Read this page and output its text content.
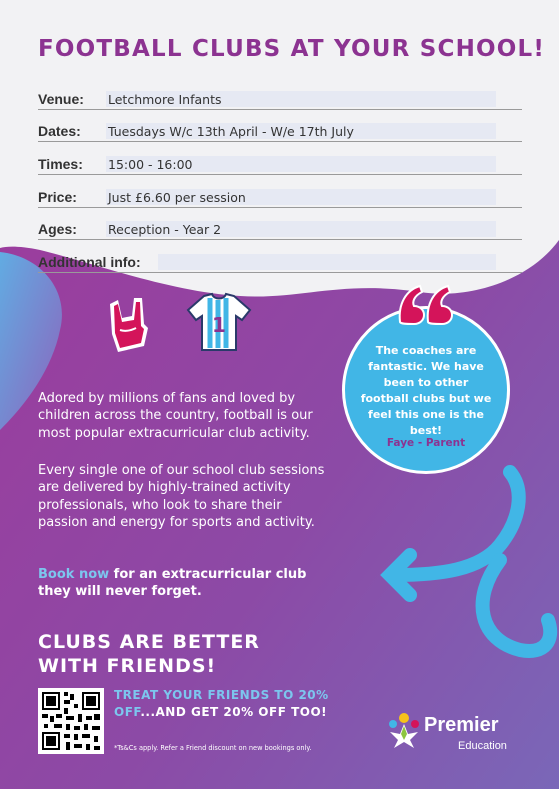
FOOTBALL CLUBS AT YOUR SCHOOL!
Venue: Letchmore Infants
Dates: Tuesdays W/c 13th April - W/e 17th July
Times: 15:00 - 16:00
Price: Just £6.60 per session
Ages: Reception - Year 2
Additional info:
1
Adored by millions of fans and loved by children across the country, football is our most popular extracurricular club activity.
Every single one of our school club sessions are delivered by highly-trained activity professionals, who look to share their passion and energy for sports and activity.
Book now for an extracurricular club they will never forget.
The coaches are fantastic. We have been to other football clubs but we feel this one is the best!
Faye - Parent
CLUBS ARE BETTER
WITH FRIENDS!
TREAT YOUR FRIENDS TO 20% OFF...AND GET 20% OFF TOO!
*Ts&Cs apply. Refer a Friend discount on new bookings only.
Premier
Education
